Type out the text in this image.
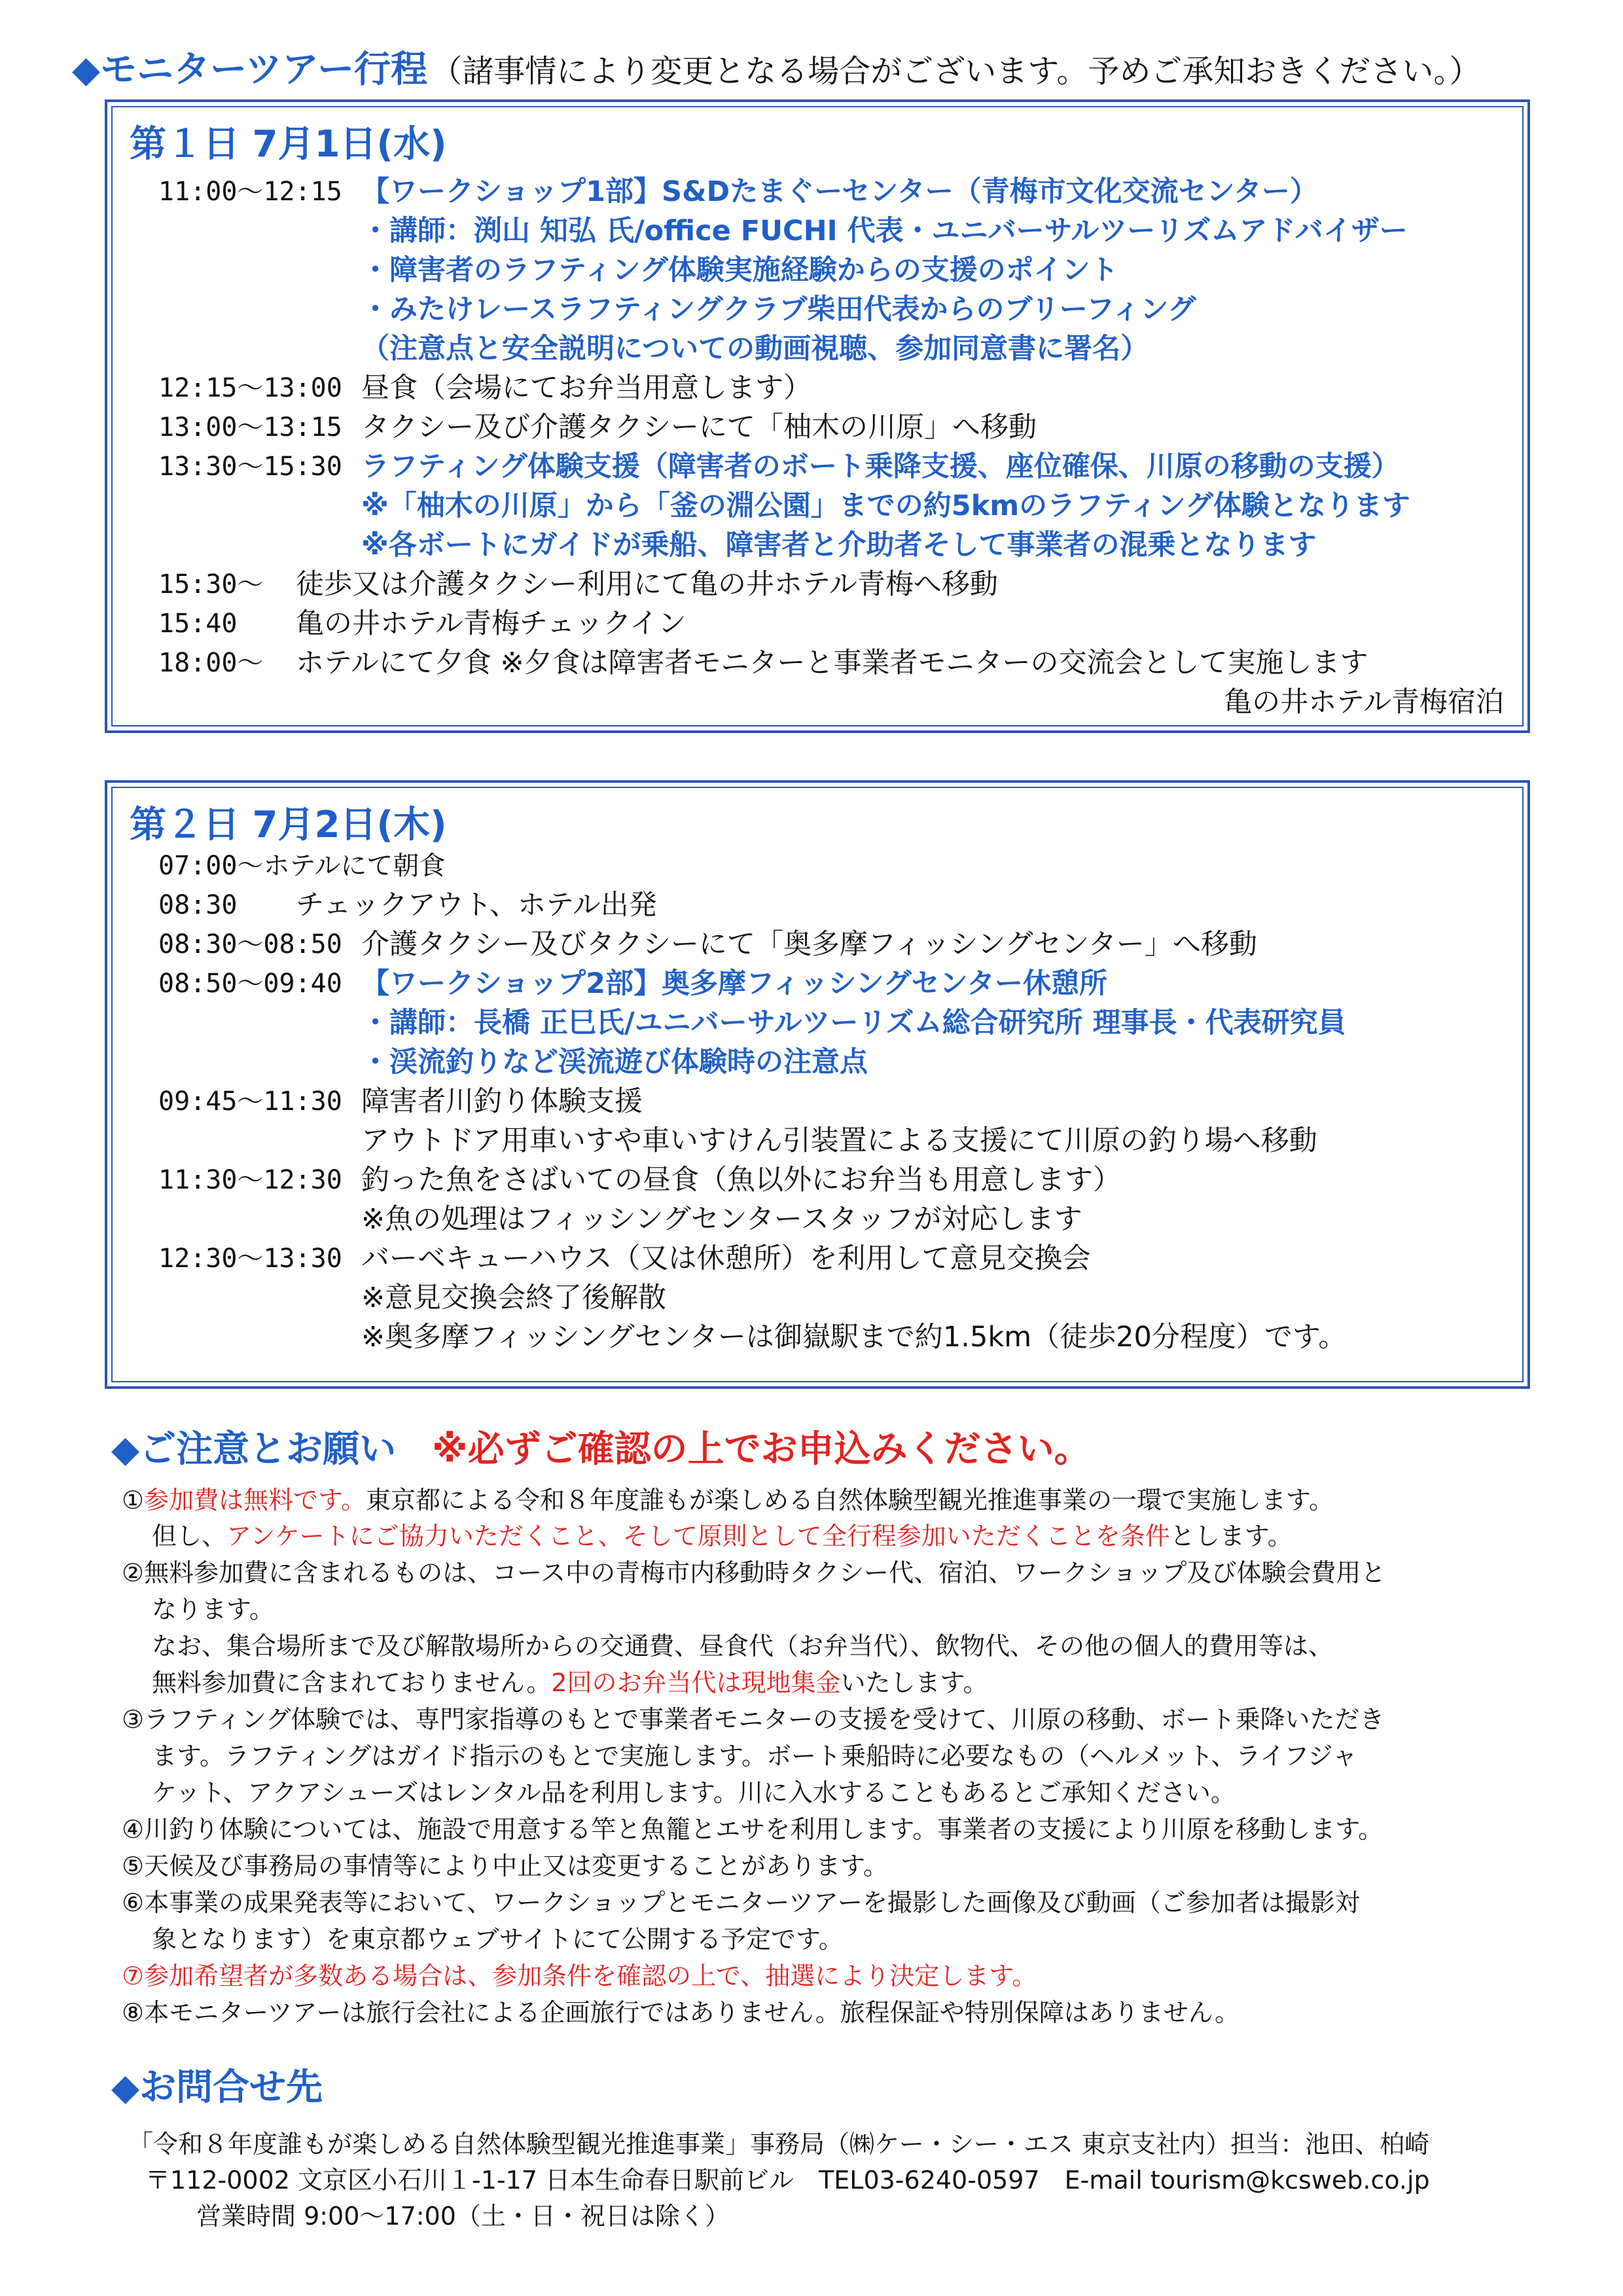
◆モニターツアー行程 （諸事情により変更となる場合がございます。予めご承知おきください。）
第１日 7月1日(水)
亀の井ホテル青梅宿泊
11:00～12:15 【ワークショップ1部】S&Dたまぐーセンター（青梅市文化交流センター）
・講師：渕山 知弘 氏/office FUCHI 代表・ユニバーサルツーリズムアドバイザー
・障害者のラフティング体験実施経験からの支援のポイント
・みたけレースラフティングクラブ柴田代表からのブリーフィング
（注意点と安全説明についての動画視聴、参加同意書に署名）
12:15～13:00 昼食（会場にてお弁当用意します）
13:00～13:15 タクシー及び介護タクシーにて「柚木の川原」へ移動
13:30～15:30 ラフティング体験支援（障害者のボート乗降支援、座位確保、川原の移動の支援）
※「柚木の川原」から「釜の淵公園」までの約5kmのラフティング体験となります
※各ボートにガイドが乗船、障害者と介助者そして事業者の混乗となります
15:30～ 徒歩又は介護タクシー利用にて亀の井ホテル青梅へ移動
15:40 亀の井ホテル青梅チェックイン
18:00～ ホテルにて夕食 ※夕食は障害者モニターと事業者モニターの交流会として実施します
第２日 7月2日(木)
07:00～ホテルにて朝食
08:30 チェックアウト、ホテル出発
08:30～08:50 介護タクシー及びタクシーにて「奥多摩フィッシングセンター」へ移動
08:50～09:40 【ワークショップ2部】奥多摩フィッシングセンター休憩所
・講師：長橋 正巳氏/ユニバーサルツーリズム総合研究所 理事長・代表研究員
・渓流釣りなど渓流遊び体験時の注意点
09:45～11:30 障害者川釣り体験支援
アウトドア用車いすや車いすけん引装置による支援にて川原の釣り場へ移動
11:30～12:30 釣った魚をさばいての昼食（魚以外にお弁当も用意します）
※魚の処理はフィッシングセンタースタッフが対応します
12:30～13:30 バーベキューハウス（又は休憩所）を利用して意見交換会
※意見交換会終了後解散
※奥多摩フィッシングセンターは御嶽駅まで約1.5km（徒歩20分程度）です。
◆ご注意とお願い ※必ずご確認の上でお申込みください。
①参加費は無料です。東京都による令和８年度誰もが楽しめる自然体験型観光推進事業の一環で実施します。
但し、アンケートにご協力いただくこと、そして原則として全行程参加いただくことを条件とします。
②無料参加費に含まれるものは、コース中の青梅市内移動時タクシー代、宿泊、ワークショップ及び体験会費用と
なります。
なお、集合場所まで及び解散場所からの交通費、昼食代（お弁当代）、飲物代、その他の個人的費用等は、
無料参加費に含まれておりません。2回のお弁当代は現地集金いたします。
③ラフティング体験では、専門家指導のもとで事業者モニターの支援を受けて、川原の移動、ボート乗降いただき
ます。ラフティングはガイド指示のもとで実施します。ボート乗船時に必要なもの（ヘルメット、ライフジャ
ケット、アクアシューズはレンタル品を利用します。川に入水することもあるとご承知ください。
④川釣り体験については、施設で用意する竿と魚籠とエサを利用します。事業者の支援により川原を移動します。
⑤天候及び事務局の事情等により中止又は変更することがあります。
⑥本事業の成果発表等において、ワークショップとモニターツアーを撮影した画像及び動画（ご参加者は撮影対
象となります）を東京都ウェブサイトにて公開する予定です。
⑦参加希望者が多数ある場合は、参加条件を確認の上で、抽選により決定します。
⑧本モニターツアーは旅行会社による企画旅行ではありません。旅程保証や特別保障はありません。
◆お問合せ先
「令和８年度誰もが楽しめる自然体験型観光推進事業」事務局（㈱ケー・シー・エス 東京支社内）担当：池田、柏崎
〒112-0002 文京区小石川１-1-17 日本生命春日駅前ビル　TEL03-6240-0597　E-mail tourism@kcsweb.co.jp
営業時間 9:00～17:00（土・日・祝日は除く）
